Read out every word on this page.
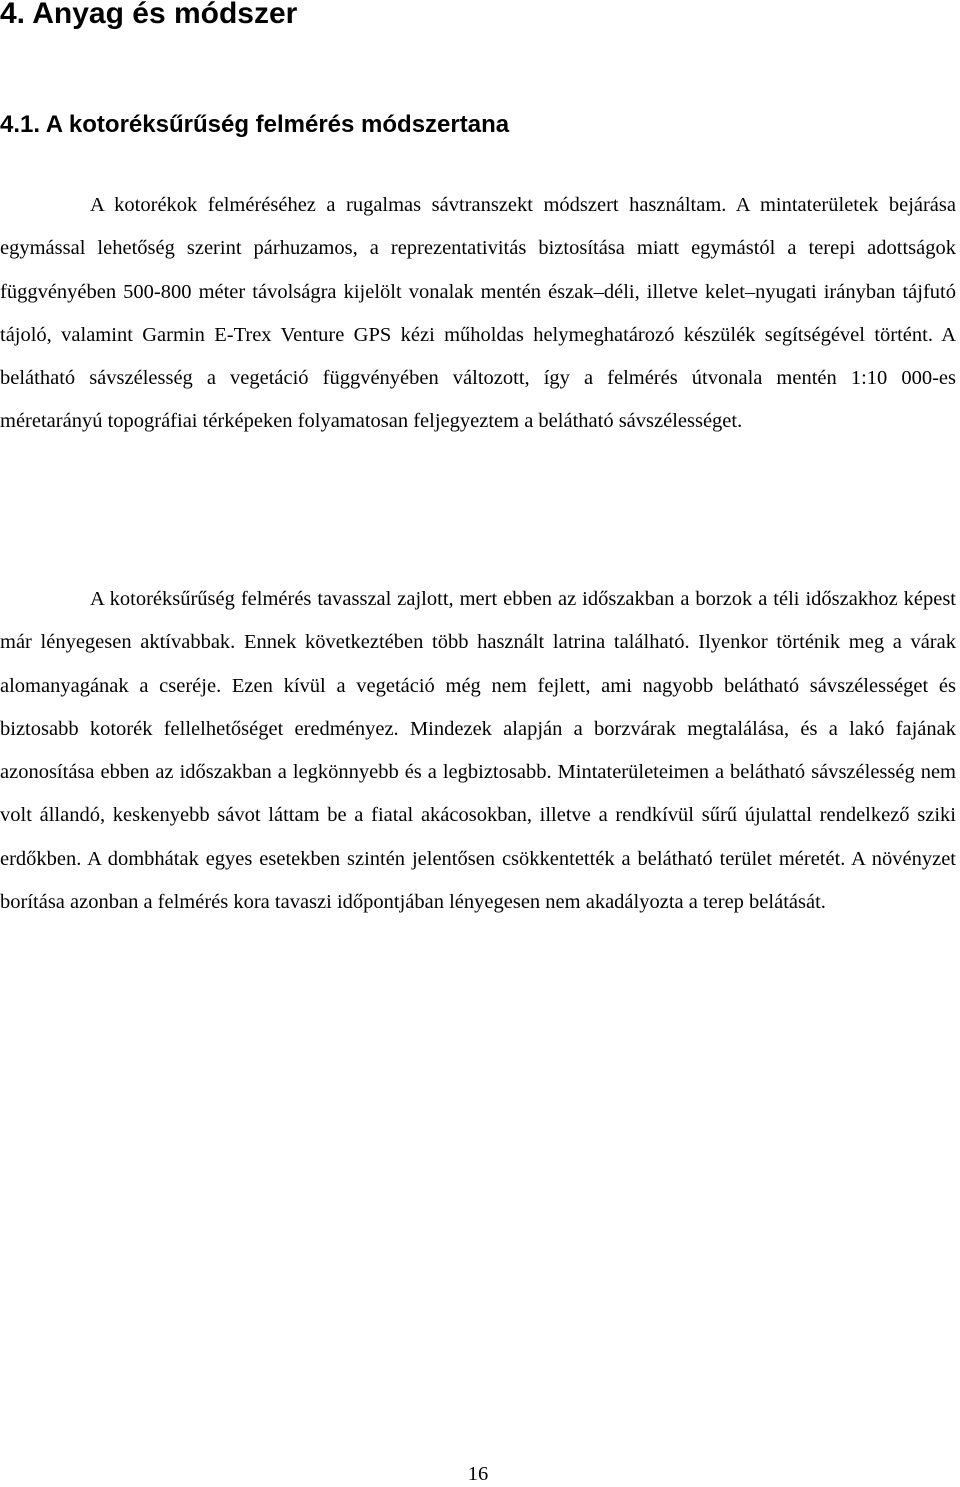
4. Anyag és módszer
4.1. A kotoréksűrűség felmérés módszertana

A kotorékok felméréséhez a rugalmas sávtranszekt módszert használtam. A mintaterületek bejárása egymással lehetőség szerint párhuzamos, a reprezentativitás biztosítása miatt egymástól a terepi adottságok függvényében 500-800 méter távolságra kijelölt vonalak mentén észak–déli, illetve kelet–nyugati irányban tájfutó tájoló, valamint Garmin E-Trex Venture GPS kézi műholdas helymeghatározó készülék segítségével történt. A belátható sávszélesség a vegetáció függvényében változott, így a felmérés útvonala mentén 1:10 000-es méretarányú topográfiai térképeken folyamatosan feljegyeztem a belátható sávszélességet.

A kotoréksűrűség felmérés tavasszal zajlott, mert ebben az időszakban a borzok a téli időszakhoz képest már lényegesen aktívabbak. Ennek következtében több használt latrina található. Ilyenkor történik meg a várak alomanyagának a cseréje. Ezen kívül a vegetáció még nem fejlett, ami nagyobb belátható sávszélességet és biztosabb kotorék fellelhetőséget eredményez. Mindezek alapján a borzvárak megtalálása, és a lakó fajának azonosítása ebben az időszakban a legkönnyebb és a legbiztosabb. Mintaterületeimen a belátható sávszélesség nem volt állandó, keskenyebb sávot láttam be a fiatal akácosokban, illetve a rendkívül sűrű újulattal rendelkező sziki erdőkben. A dombhátak egyes esetekben szintén jelentősen csökkentették a belátható terület méretét. A növényzet borítása azonban a felmérés kora tavaszi időpontjában lényegesen nem akadályozta a terep belátását.

16
